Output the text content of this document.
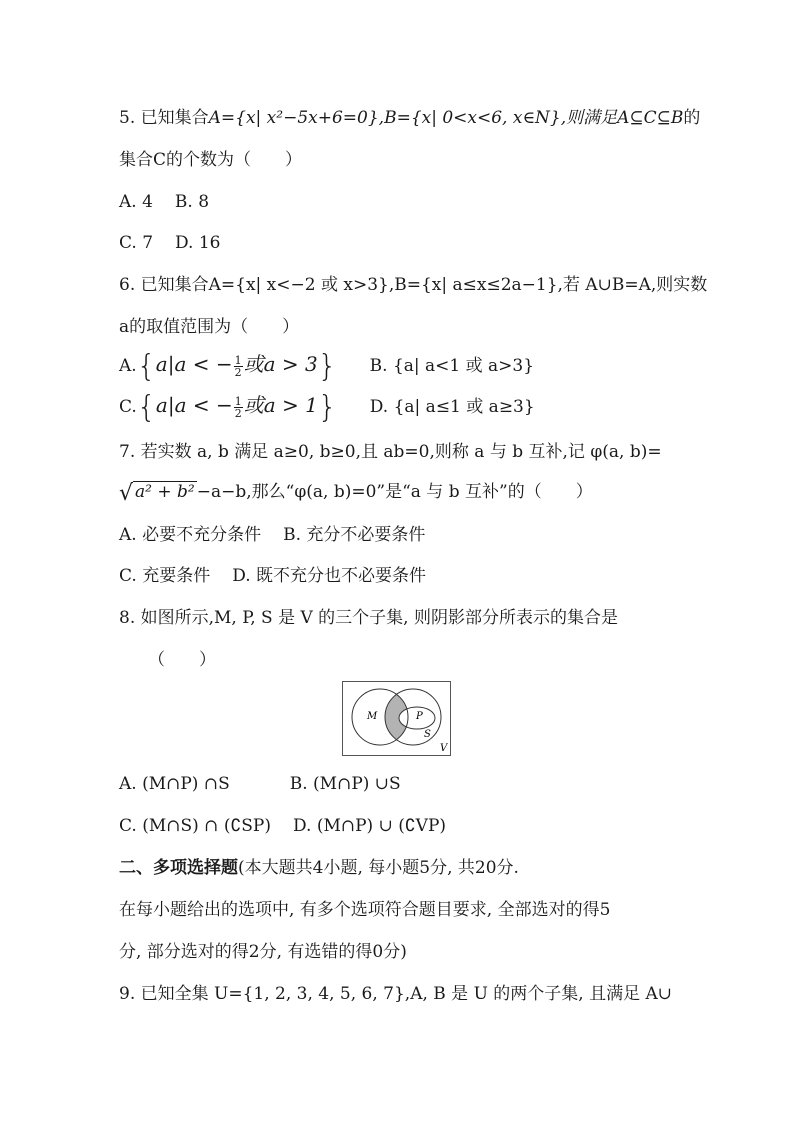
5. 已知集合A={x| x²−5x+6=0},B={x| 0<x<6, x∈N},则满足A⊆C⊆B的
集合C的个数为（　　）
A. 4 B. 8
C. 7 D. 16
6. 已知集合A={x| x<−2 或 x>3},B={x| a≤x≤2a−1},若 A∪B=A,则实数
a的取值范围为（　　）
A.{a|a < − $\frac{1}{2}$ 或a > 3} B. {a| a<1 或 a>3}
C.{a|a < − $\frac{1}{2}$ 或a > 1} D. {a| a≤1 或 a≥3}
7. 若实数 a, b 满足 a≥0, b≥0,且 ab=0,则称 a 与 b 互补,记 φ(a, b)=
√ a² + b² −a−b,那么“φ(a, b)=0”是“a 与 b 互补”的（　　）
A. 必要不充分条件 B. 充分不必要条件
C. 充要条件 D. 既不充分也不必要条件
8. 如图所示,M, P, S 是 V 的三个子集, 则阴影部分所表示的集合是
（　　）
M	P
S
V
A. (M∩P) ∩S	B. (M∩P) ∪S
C. (M∩S) ∩ (∁SP) D. (M∩P) ∪ (∁VP)
二、多项选择题(本大题共4小题, 每小题5分, 共20分.
在每小题给出的选项中, 有多个选项符合题目要求, 全部选对的得5
分, 部分选对的得2分, 有选错的得0分)
9. 已知全集 U={1, 2, 3, 4, 5, 6, 7},A, B 是 U 的两个子集, 且满足 A∪
